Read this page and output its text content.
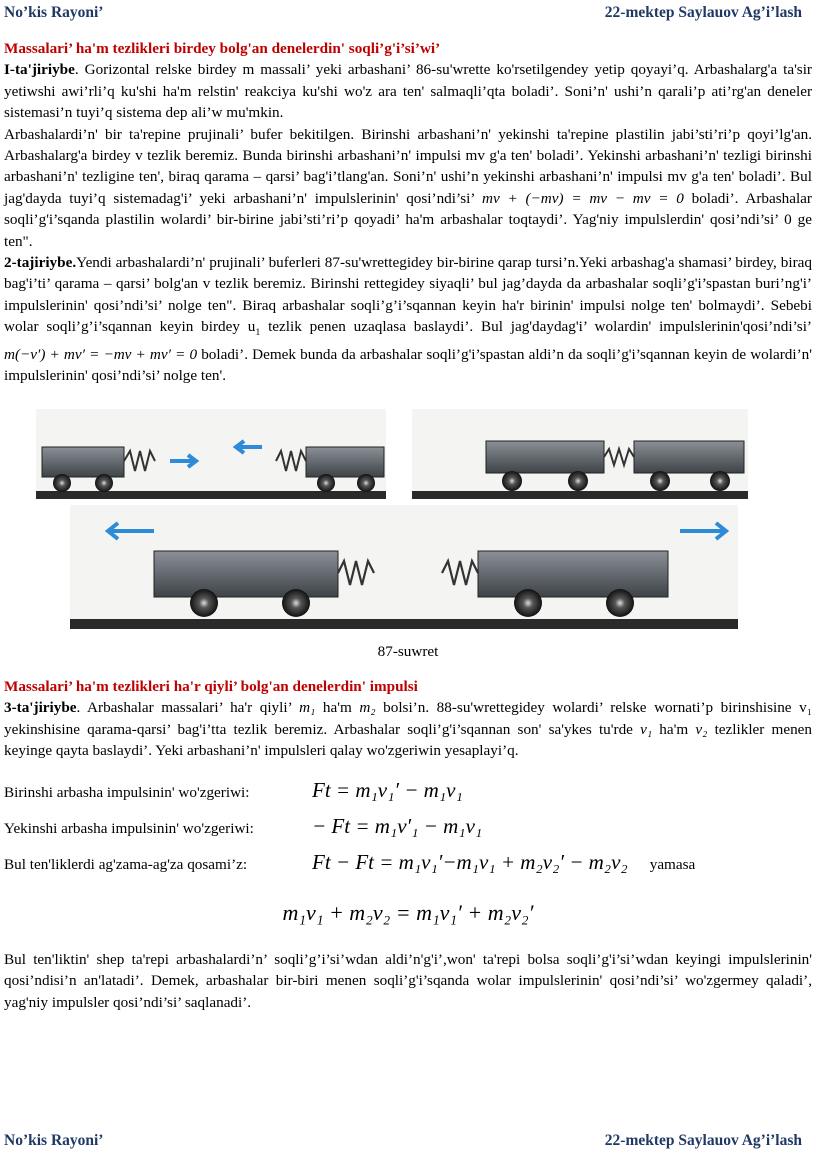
No’kis Rayoni’	22-mektep Saylauov Ag’i’lash

Massalari’ ha'm tezlikleri birdey bolg'an denelerdin' soqli’g'i’si’wi’

I-ta'jiriybe. Gorizontal relske birdey m massali’ yeki arbashani’ 86-su'wrette ko'rsetilgendey yetip qoyayi’q. Arbashalarg'a ta'sir yetiwshi awi’rli’q ku'shi ha'm relstin' reakciya ku'shi wo'z ara ten' salmaqli’qta boladi’. Soni’n' ushi’n qarali’p ati’rg'an deneler sistemasi’n tuyi’q sistema dep ali’w mu'mkin.

Arbashalardi’n' bir ta'repine prujinali’ bufer bekitilgen. Birinshi arbashani’n' yekinshi ta'repine plastilin jabi’sti’ri’p qoyi’lg'an. Arbashalarg'a birdey v tezlik beremiz. Bunda birinshi arbashani’n' impulsi mv g'a ten' boladi’. Yekinshi arbashani’n' tezligi birinshi arbashani’n' tezligine ten', biraq qarama – qarsi’ bag'i’tlang'an. Soni’n' ushi’n yekinshi arbashani’n' impulsi mv g'a ten' boladi’. Bul jag'dayda tuyi’q sistemadag'i’ yeki arbashani’n' impulslerinin' qosi’ndi’si’ mv + (−mv) = mv − mv = 0 boladi’. Arbashalar soqli’g'i’sqanda plastilin wolardi’ bir-birine jabi’sti’ri’p qoyadi’ ha'm arbashalar toqtaydi’. Yag'niy impulslerdin' qosi’ndi’si’ 0 ge ten".

2-tajiriybe.Yendi arbashalardi’n' prujinali’ buferleri 87-su'wrettegidey bir-birine qarap tursi’n.Yeki arbashag'a shamasi’ birdey, biraq bag'i’ti’ qarama – qarsi’ bolg'an v tezlik beremiz. Birinshi rettegidey siyaqli’ bul jag’dayda da arbashalar soqli’g'i’spastan buri’ng'i’ impulslerinin' qosi’ndi’si’ nolge ten". Biraq arbashalar soqli’g’i’sqannan keyin ha'r birinin' impulsi nolge ten' bolmaydi’. Sebebi wolar soqli’g’i’sqannan keyin birdey $u_1$ tezlik penen uzaqlasa baslaydi’. Bul jag'daydag'i’ wolardin' impulslerinin'qosi’ndi’si’ m(−v′) + mv′ = −mv + mv′ = 0 boladi’. Demek bunda da arbashalar soqli’g'i’spastan aldi’n da soqli’g'i’sqannan keyin de wolardi’n' impulslerinin' qosi’ndi’si’ nolge ten'.

87-suwret

Massalari’ ha'm tezlikleri ha'r qiyli’ bolg'an denelerdin' impulsi

3-ta'jiriybe. Arbashalar massalari’ ha'r qiyli’ m₁ ha'm m₂ bolsi’n. 88-su'wrettegidey wolardi’ relske wornati’p birinshisine v₁ yekinshisine qarama-qarsi’ bag'i’tta tezlik beremiz. Arbashalar soqli’g'i’sqannan son' sa'ykes tu'rde v₁ ha'm v₂ tezlikler menen keyinge qayta baslaydi’. Yeki arbashani’n' impulsleri qalay wo'zgeriwin yesaplayi’q.

Birinshi arbasha impulsinin' wo'zgeriwi:	Ft = m₁v₁′ − m₁v₁
Yekinshi arbasha impulsinin' wo'zgeriwi:	− Ft = m₁v′₁ − m₁v₁
Bul ten'liklerdi ag'zama-ag'za qosami’z:	Ft − Ft = m₁v₁′−m₁v₁ + m₂v₂′ − m₂v₂ yamasa
m₁v₁ + m₂v₂ = m₁v₁′ + m₂v₂′

Bul ten'liktin' shep ta'repi arbashalardi’n’ soqli’g’i’si’wdan aldi’n'g'i’,won' ta'repi bolsa soqli’g'i’si’wdan keyingi impulslerinin' qosi’ndisi’n an'latadi’. Demek, arbashalar bir-biri menen soqli’g'i’sqanda wolar impulslerinin' qosi’ndi’si’ wo'zgermey qaladi’, yag'niy impulsler qosi’ndi’si’ saqlanadi’.

No’kis Rayoni’	22-mektep Saylauov Ag’i’lash
